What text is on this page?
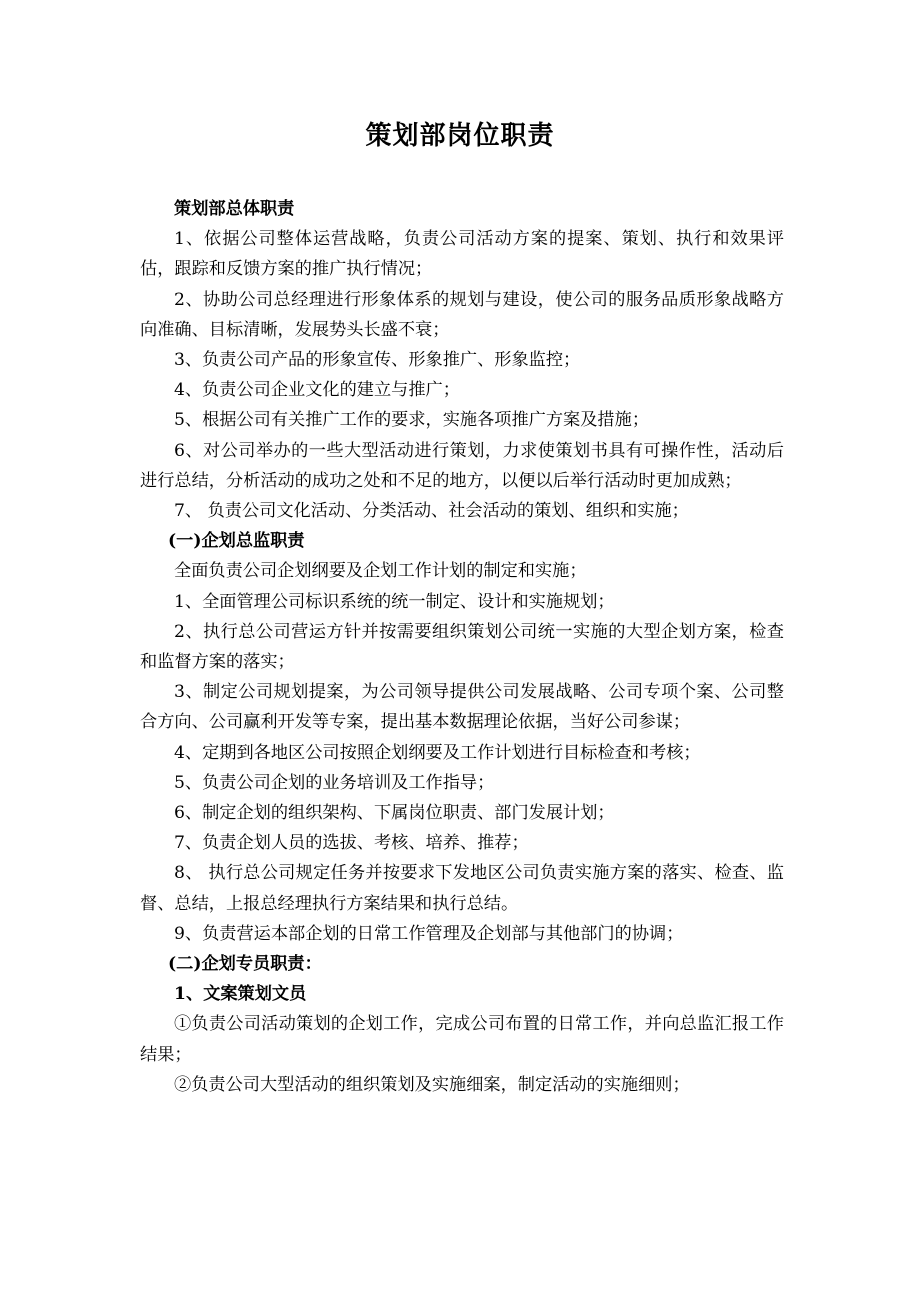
策划部岗位职责

策划部总体职责

1、依据公司整体运营战略，负责公司活动方案的提案、策划、执行和效果评估，跟踪和反馈方案的推广执行情况；

2、协助公司总经理进行形象体系的规划与建设，使公司的服务品质形象战略方向准确、目标清晰，发展势头长盛不衰；

3、负责公司产品的形象宣传、形象推广、形象监控；

4、负责公司企业文化的建立与推广；

5、根据公司有关推广工作的要求，实施各项推广方案及措施；

6、对公司举办的一些大型活动进行策划，力求使策划书具有可操作性，活动后进行总结，分析活动的成功之处和不足的地方，以便以后举行活动时更加成熟；

7、 负责公司文化活动、分类活动、社会活动的策划、组织和实施；

(一)企划总监职责

全面负责公司企划纲要及企划工作计划的制定和实施；

1、全面管理公司标识系统的统一制定、设计和实施规划；

2、执行总公司营运方针并按需要组织策划公司统一实施的大型企划方案，检查和监督方案的落实；

3、制定公司规划提案，为公司领导提供公司发展战略、公司专项个案、公司整合方向、公司赢利开发等专案，提出基本数据理论依据，当好公司参谋；

4、定期到各地区公司按照企划纲要及工作计划进行目标检查和考核；

5、负责公司企划的业务培训及工作指导；

6、制定企划的组织架构、下属岗位职责、部门发展计划；

7、负责企划人员的选拔、考核、培养、推荐；

8、 执行总公司规定任务并按要求下发地区公司负责实施方案的落实、检查、监督、总结，上报总经理执行方案结果和执行总结。

9、负责营运本部企划的日常工作管理及企划部与其他部门的协调；

(二)企划专员职责：

1、文案策划文员

①负责公司活动策划的企划工作，完成公司布置的日常工作，并向总监汇报工作结果；

②负责公司大型活动的组织策划及实施细案，制定活动的实施细则；
